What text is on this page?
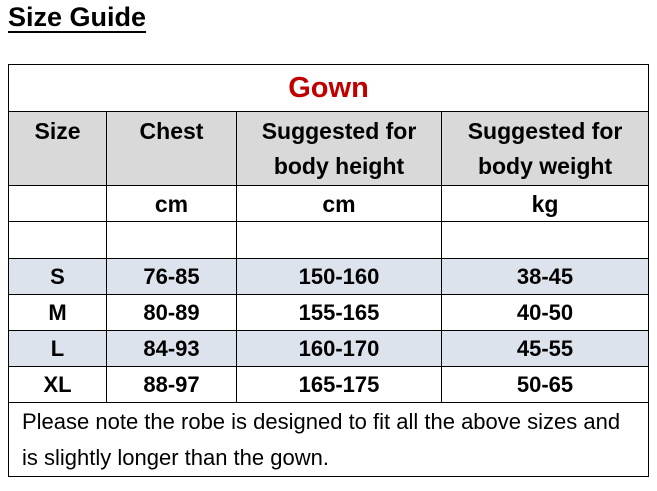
Size Guide
Gown			
Size	Chest	Suggested for body height	Suggested for body weight
	cm	cm	kg

S	76-85	150-160	38-45
M	80-89	155-165	40-50
L	84-93	160-170	45-55
XL	88-97	165-175	50-65
Please note the robe is designed to fit all the above sizes and is slightly longer than the gown.			
